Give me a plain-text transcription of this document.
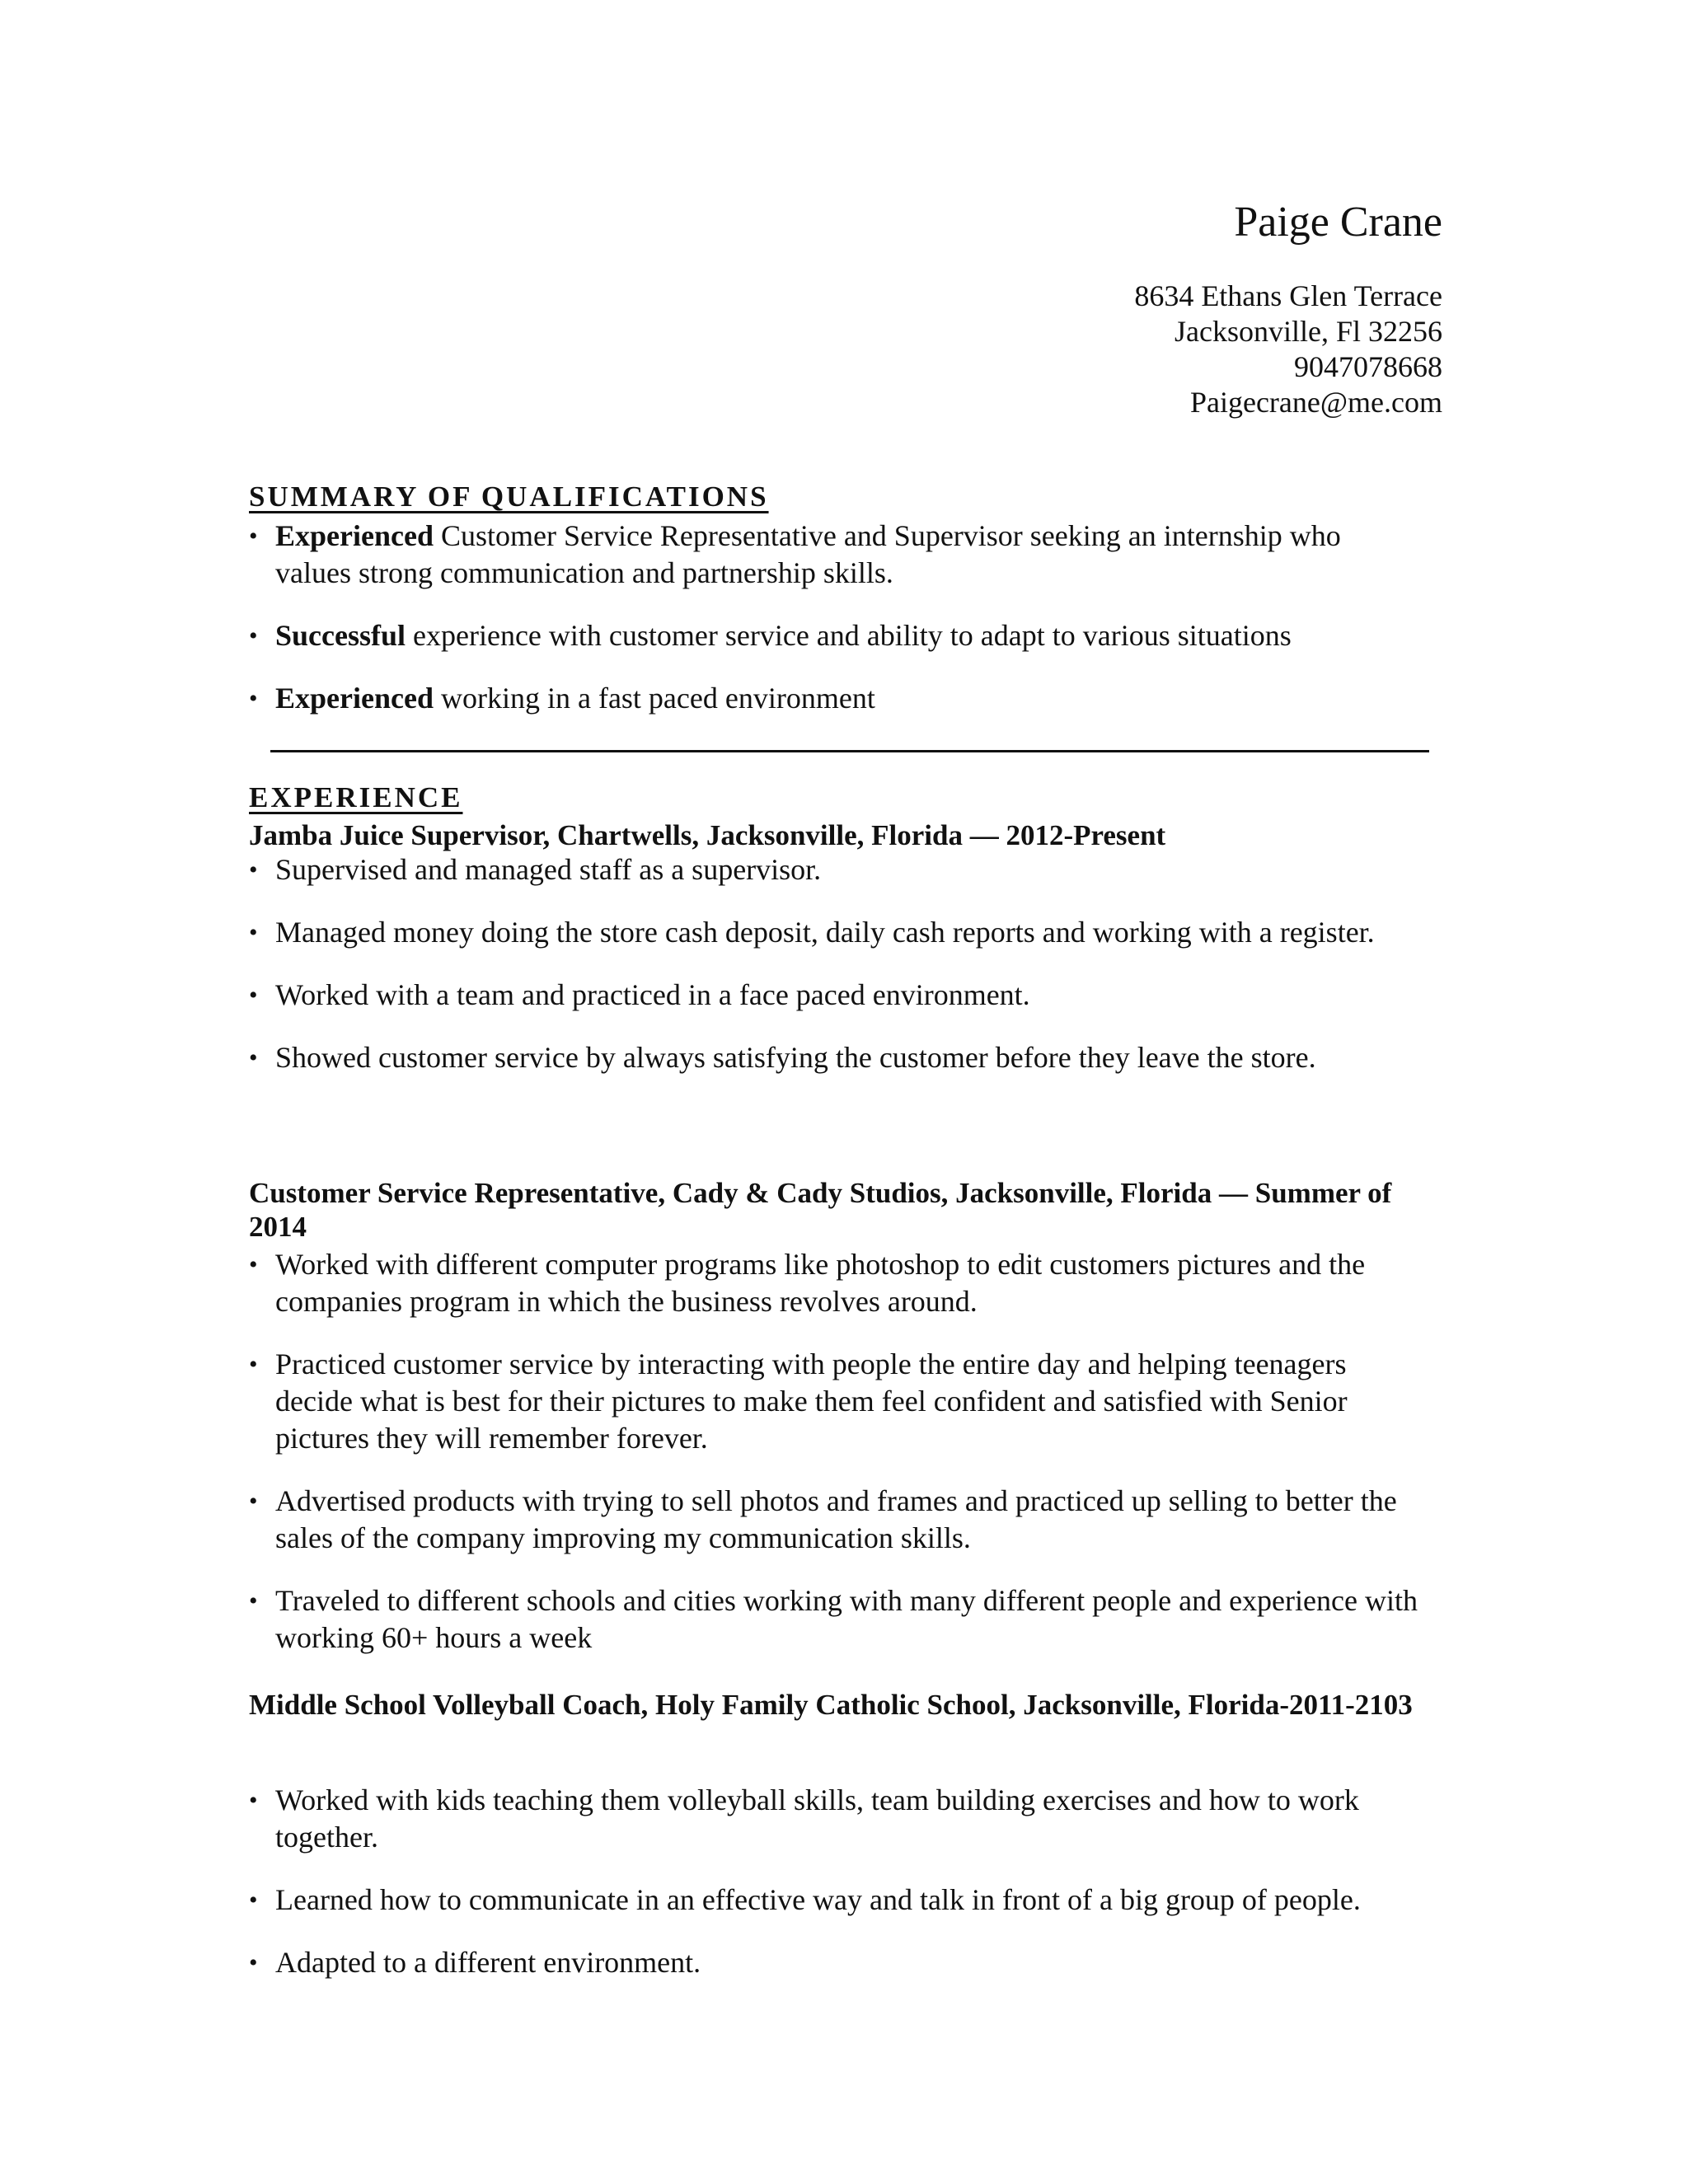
Paige Crane
8634 Ethans Glen Terrace
Jacksonville, Fl 32256
9047078668
Paigecrane@me.com
SUMMARY OF QUALIFICATIONS
• Experienced Customer Service Representative and Supervisor seeking an internship who values strong communication and partnership skills.
• Successful experience with customer service and ability to adapt to various situations
• Experienced working in a fast paced environment
EXPERIENCE
Jamba Juice Supervisor, Chartwells, Jacksonville, Florida — 2012-Present
• Supervised and managed staff as a supervisor.
• Managed money doing the store cash deposit, daily cash reports and working with a register.
• Worked with a team and practiced in a face paced environment.
• Showed customer service by always satisfying the customer before they leave the store.
Customer Service Representative, Cady & Cady Studios, Jacksonville, Florida — Summer of 2014
• Worked with different computer programs like photoshop to edit customers pictures and the companies program in which the business revolves around.
• Practiced customer service by interacting with people the entire day and helping teenagers decide what is best for their pictures to make them feel confident and satisfied with Senior pictures they will remember forever.
• Advertised products with trying to sell photos and frames and practiced up selling to better the sales of the company improving my communication skills.
• Traveled to different schools and cities working with many different people and experience with working 60+ hours a week
Middle School Volleyball Coach, Holy Family Catholic School, Jacksonville, Florida-2011-2103
• Worked with kids teaching them volleyball skills, team building exercises and how to work together.
• Learned how to communicate in an effective way and talk in front of a big group of people.
• Adapted to a different environment.
